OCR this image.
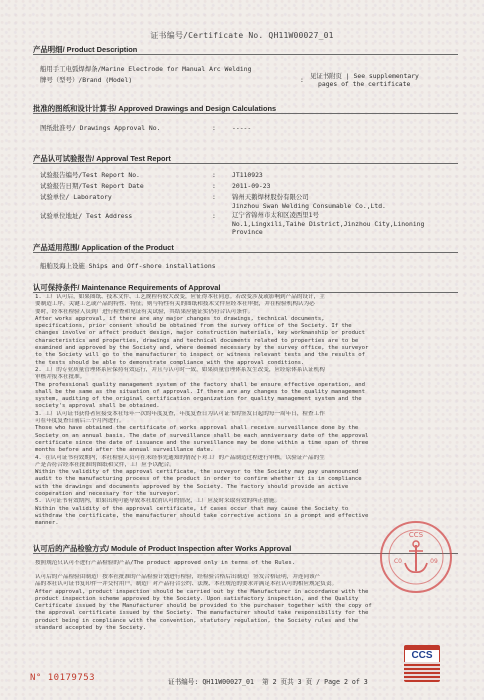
证书编号/Certificate No. QH11W00027_01
产品明细/ Product Description
船用手工电弧焊焊条/Marine Electrode for Manual Arc Welding
牌号（型号）/Brand (Model)	: 见证书附页 | See supplementary
pages of the certificate
批准的图纸和设计计算书/ Approved Drawings and Design Calculations
图纸批准号/ Drawings Approval No.	:	-----
产品认可试验报告/ Approval Test Report
试验报告编号/Test Report No.	:	JT110923
试验报告日期/Test Report Date	:	2011-09-23
试验单位/ Laboratory	:	锦州天鹅焊材股份有限公司
Jinzhou Swan Welding Consumable Co.,Ltd.
试验单位地址/ Test Address	:	辽宁省锦州市太和区凌西里1号
No.1,Lingxili,Taihe District,Jinzhou City,Linoning
Province
产品适用范围/ Application of the Product
船舶及海上设施 Ships and Off-shore installations
认可保持条件/ Maintenance Requirements of Approval
1. 工厂认可后，如果图纸、技术文件、工艺规程有较大改变，应征得本社同意。若改变涉及或影响到产品的设计，主
要制造工序，关键工艺或产品的特性、特征，则与特性有关的图纸和技术文件应经本社审批，并在检验机构认为必
要时，经本社检验人员到厂进行检查和见证有关试验，其结果应能证实仍符合认可条件。
After works approval, if there are any major changes to drawings, technical documents,
specifications, prior consent should be obtained from the survey office of the Society. If the
changes involve or affect product design, major construction materials, key workmanship or product
characteristics and properties, drawings and technical documents related to properties are to be
examined and approved by the Society and, where deemed necessary by the survey office, the surveyor
to the Society will go to the manufacturer to inspect or witness relevant tests and the results of
the tests should be able to demonstrate compliance with the approval conditions.
2. 工厂的专业质量管理体系应保持有效运行，并且与认可时一致，如果质量管理体系发生改变，应经原体系认证机构
审核并报本社批准。
The professional quality management system of the factory shall be ensure effective operation, and
shall be the same as the situation of approval. If there are any changes to the quality management
system, auditing of the original certification organization for quality management system and the
society's approval shall be obtained.
3. 工厂认可证书获得者应接受本社每年一次的年度复查，年度复查日为认可证书的签发日起的每一周年日，检查工作
可在年度复查日前后三个月内进行。
Those who have obtained the certificate of works approval shall receive surveillance done by the
Society on an annual basis. The date of surveillance shall be each anniversary date of the approval
certificate since the date of issuance and the surveillance may be done within a time span of three
months before and after the annual surveillance date.
4. 在认可证书有效期内，本社检验人员可在未经事先通知的情况下对工厂的产品制造过程进行审核，以验证产品的生
产是否符合经本社批准的图纸和文件，工厂应予以配合。
Within the validity of the approval certificate, the surveyor to the Society may pay unannounced
audit to the manufacturing process of the product in order to confirm whether it is in compliance
with the drawings and documents approved by the Society. The factory should provide an active
cooperation and necessary for the surveyor.
5. 认可证书有效期内，如果出现可能导致本社取消认可的情况，工厂应及时采取有效的纠正措施。
Within the validity of the approval certificate, if cases occur that may cause the Society to
withdraw the certificate, the manufacturer should take corrective actions in a prompt and effective
manner.
认可后的产品检验方式/ Module of Product Inspection after Works Approval
按照规范只认可不进行产品检验的产品/The product approved only in terms of the Rules.
认可后的产品检验由制造厂按本社批准的产品检验计划进行检验，经检验合格后出制造厂签发合格证明，并连同该产
品的本社认可证书复印件一并交付用户，制造厂对产品符合公约、法规、本社规范的要求并满足本社认可的相应规定负责。
After approval, product inspection should be carried out by the Manufacturer in accordance with the
product inspection scheme approved by the Society. Upon satisfactory inspection, and the Quality
Certificate issued by the Manufacturer should be provided to the purchaser together with the copy of
the approval certificate issued by the Society. The manufacturer should take responsibility for the
product being in compliance with the convention, statutory regulation, the Society rules and the
standard accepted by the Society.
CCS
C0	09
CCS
N° 10179753	证书编号: QH11W00027_01 第 2 页共 3 页 / Page 2 of 3
